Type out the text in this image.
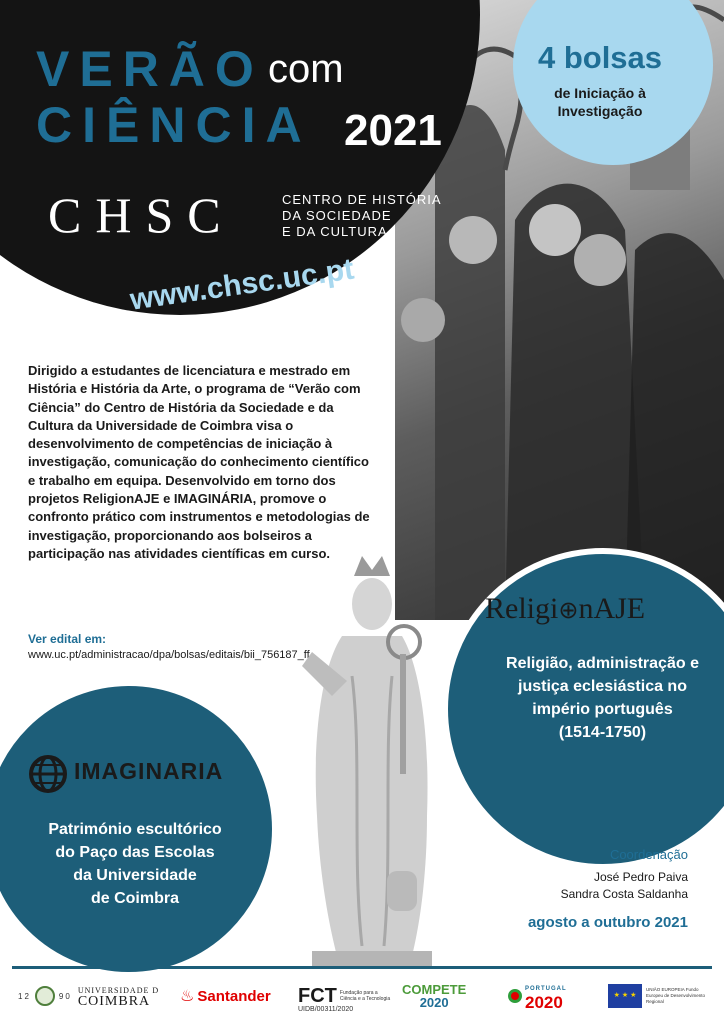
VERÃO com
CIÊNCIA 2021
CHSC	CENTRO DE HISTÓRIA
DA SOCIEDADE
E DA CULTURA
www.chsc.uc.pt
4 bolsas
de Iniciação à
Investigação

Dirigido a estudantes de licenciatura e mestrado em História e História da Arte, o programa de “Verão com Ciência” do Centro de História da Sociedade e da Cultura da Universidade de Coimbra visa o desenvolvimento de competências de iniciação à investigação, comunicação do conhecimento científico e trabalho em equipa. Desenvolvido em torno dos projetos ReligionAJE e IMAGINÁRIA, promove o confronto prático com instrumentos e metodologias de investigação, proporcionando aos bolseiros a participação nas atividades científicas em curso.

Ver edital em:
www.uc.pt/administracao/dpa/bolsas/editais/bii_756187_ff
Religi⊕nAJE
Religião, administração e
justiça eclesiástica no
império português
(1514-1750)
IMAGINARIA
Património escultórico
do Paço das Escolas
da Universidade
de Coimbra
Coordenação
José Pedro Paiva
Sandra Costa Saldanha
agosto a outubro 2021
12	90
UNIVERSIDADE D
COIMBRA	♨ Santander FCT Fundação para a Ciência e a Tecnologia
UIDB/00311/2020
COMPETE
2020
PORTUGAL
2020	★ ★ ★
UNIÃO EUROPEIA Fundo Europeu de Desenvolvimento Regional
